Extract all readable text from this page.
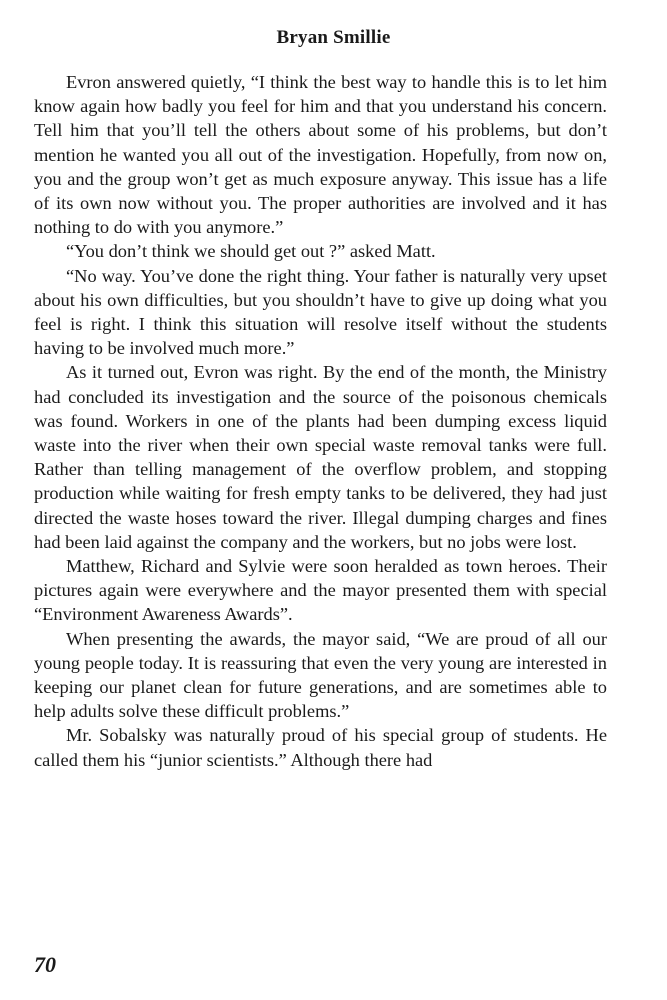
Bryan Smillie

Evron answered quietly, “I think the best way to handle this is to let him know again how badly you feel for him and that you understand his concern. Tell him that you’ll tell the others about some of his problems, but don’t mention he wanted you all out of the investigation. Hopefully, from now on, you and the group won’t get as much exposure anyway. This issue has a life of its own now without you. The proper authorities are involved and it has nothing to do with you anymore.”

“You don’t think we should get out ?” asked Matt.

“No way. You’ve done the right thing. Your father is naturally very upset about his own difficulties, but you shouldn’t have to give up doing what you feel is right. I think this situation will resolve itself without the students having to be involved much more.”

As it turned out, Evron was right. By the end of the month, the Ministry had concluded its investigation and the source of the poisonous chemicals was found. Workers in one of the plants had been dumping excess liquid waste into the river when their own special waste removal tanks were full. Rather than telling management of the overflow problem, and stopping production while waiting for fresh empty tanks to be delivered, they had just directed the waste hoses toward the river. Illegal dumping charges and fines had been laid against the company and the workers, but no jobs were lost.

Matthew, Richard and Sylvie were soon heralded as town heroes. Their pictures again were everywhere and the mayor presented them with special “Environment Awareness Awards”.

When presenting the awards, the mayor said, “We are proud of all our young people today. It is reassuring that even the very young are interested in keeping our planet clean for future generations, and are sometimes able to help adults solve these difficult problems.”

Mr. Sobalsky was naturally proud of his special group of students. He called them his “junior scientists.” Although there had

70
